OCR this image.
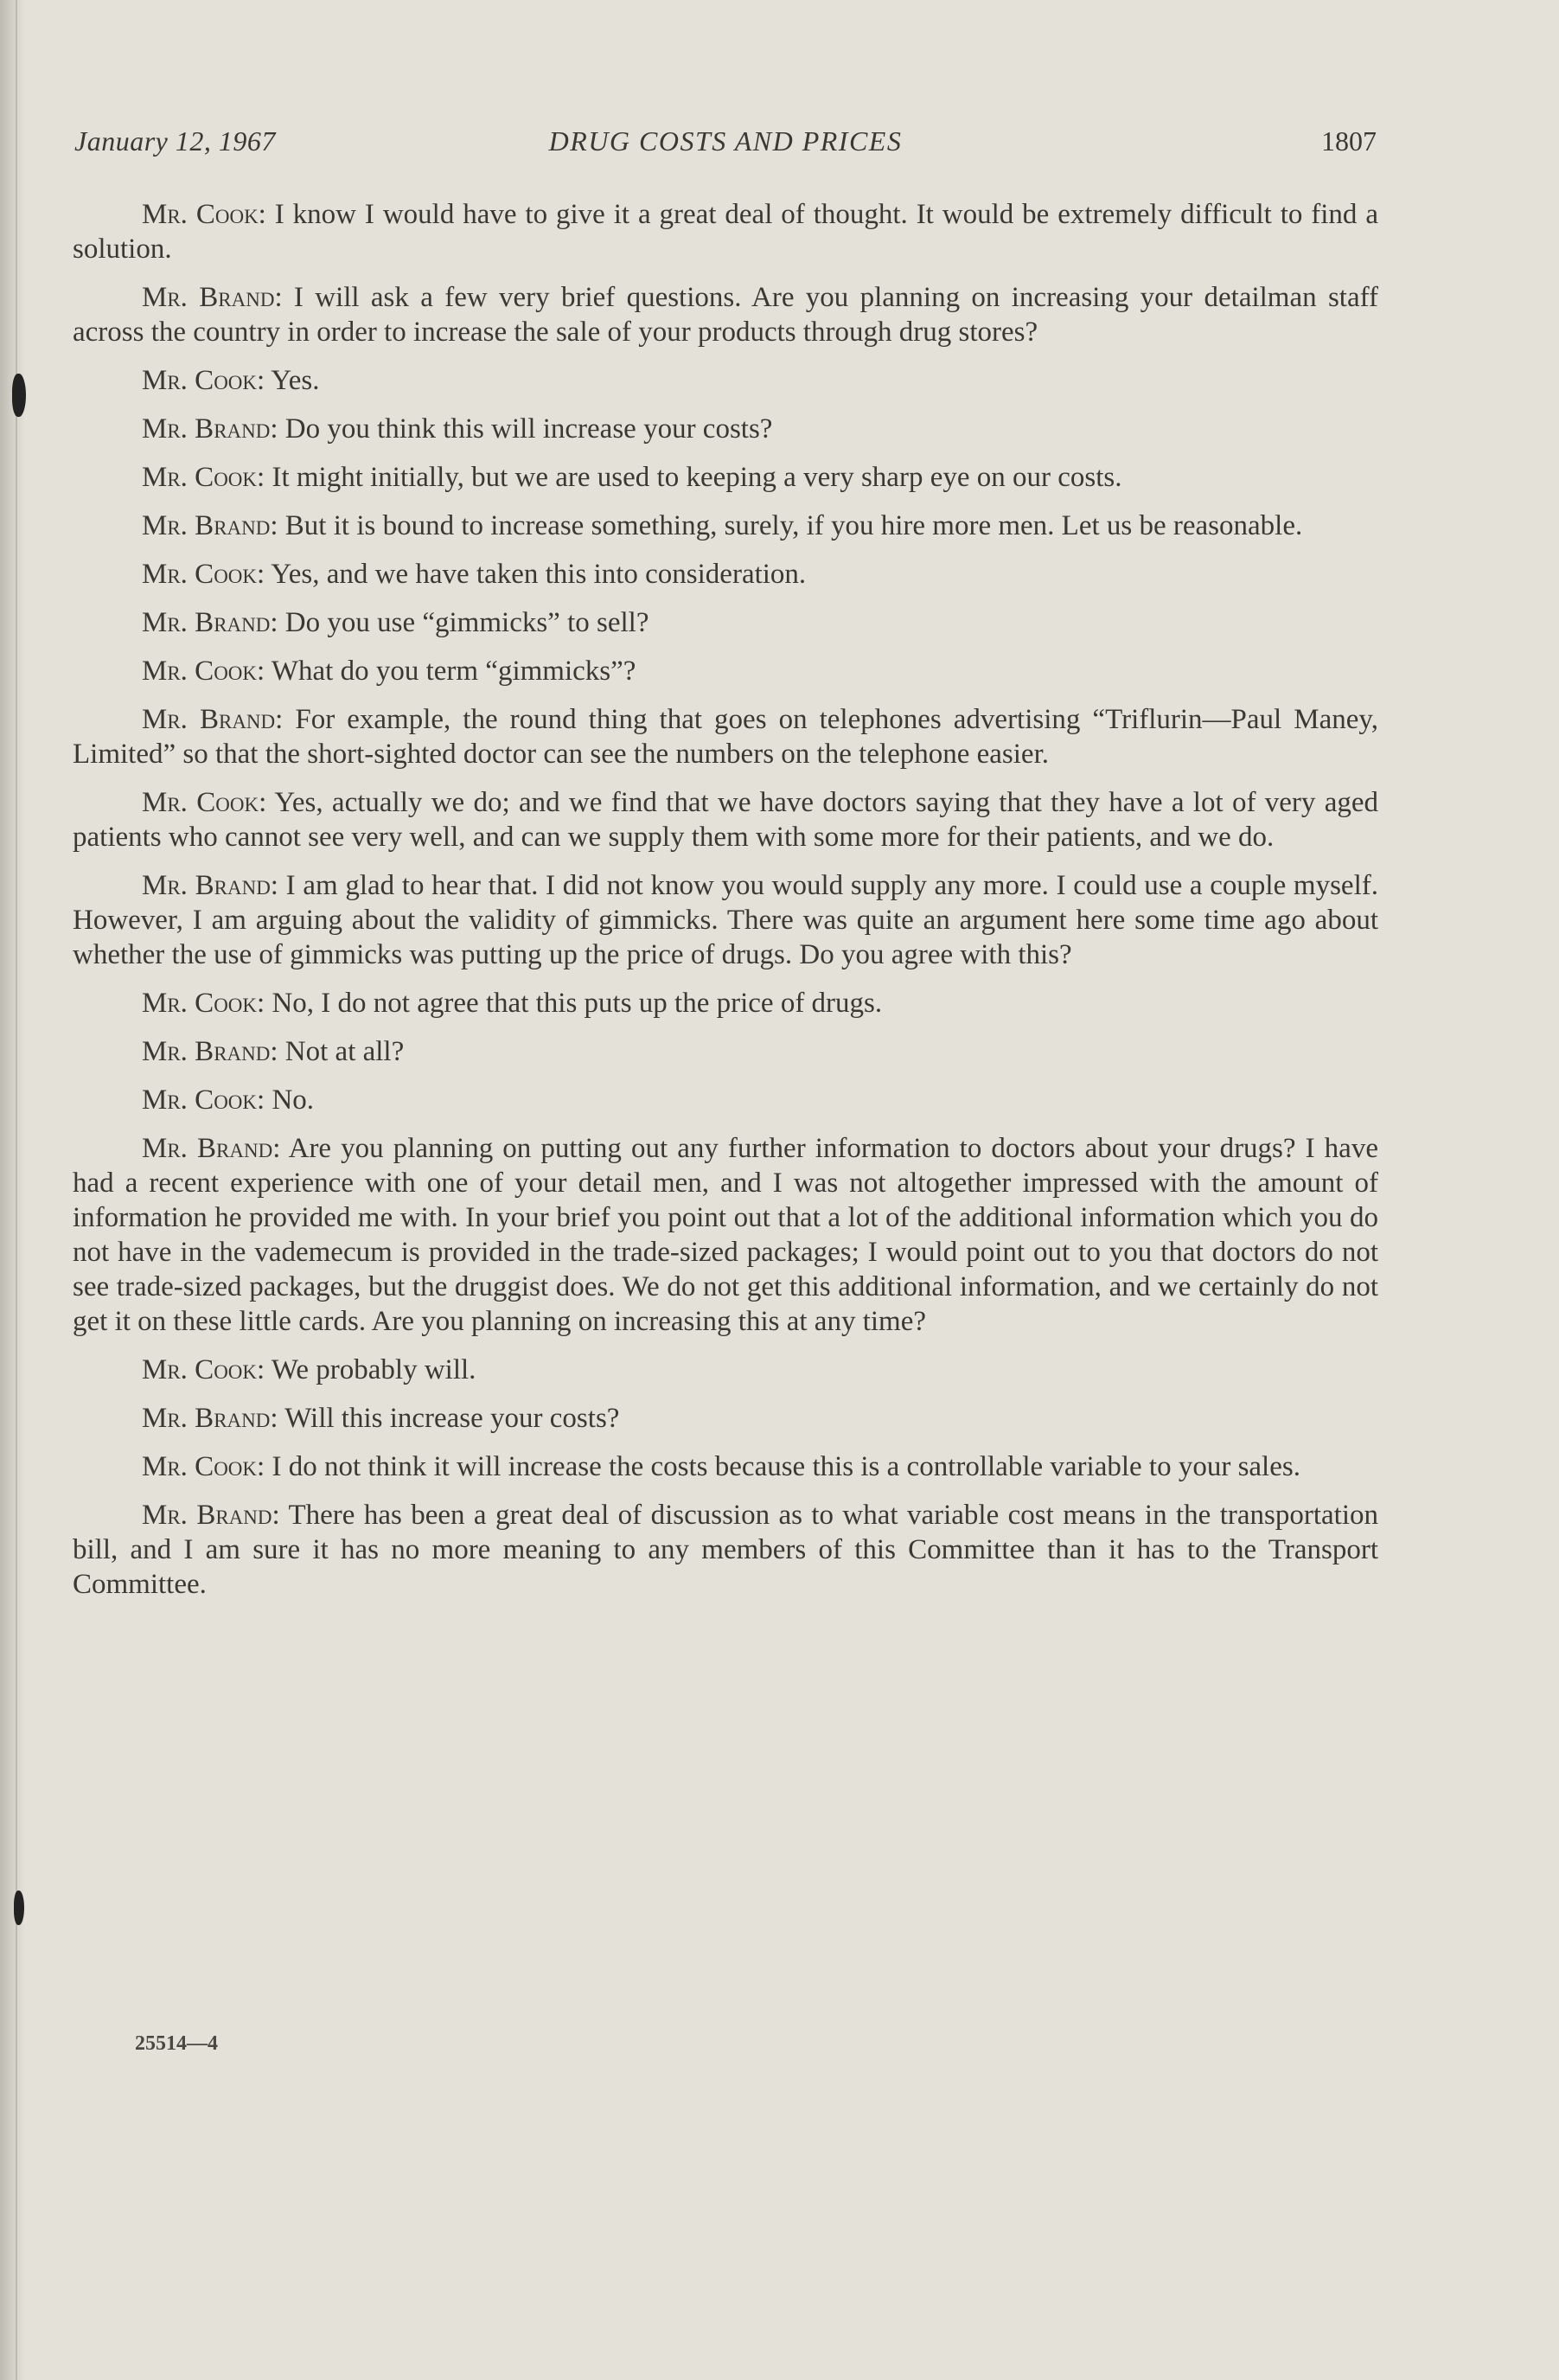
January 12, 1967	DRUG COSTS AND PRICES	1807

Mr. Cook: I know I would have to give it a great deal of thought. It would be extremely difficult to find a solution.

Mr. Brand: I will ask a few very brief questions. Are you planning on increasing your detailman staff across the country in order to increase the sale of your products through drug stores?

Mr. Cook: Yes.

Mr. Brand: Do you think this will increase your costs?

Mr. Cook: It might initially, but we are used to keeping a very sharp eye on our costs.

Mr. Brand: But it is bound to increase something, surely, if you hire more men. Let us be reasonable.

Mr. Cook: Yes, and we have taken this into consideration.

Mr. Brand: Do you use “gimmicks” to sell?

Mr. Cook: What do you term “gimmicks”?

Mr. Brand: For example, the round thing that goes on telephones advertising “Triflurin—Paul Maney, Limited” so that the short-sighted doctor can see the numbers on the telephone easier.

Mr. Cook: Yes, actually we do; and we find that we have doctors saying that they have a lot of very aged patients who cannot see very well, and can we supply them with some more for their patients, and we do.

Mr. Brand: I am glad to hear that. I did not know you would supply any more. I could use a couple myself. However, I am arguing about the validity of gimmicks. There was quite an argument here some time ago about whether the use of gimmicks was putting up the price of drugs. Do you agree with this?

Mr. Cook: No, I do not agree that this puts up the price of drugs.

Mr. Brand: Not at all?

Mr. Cook: No.

Mr. Brand: Are you planning on putting out any further information to doctors about your drugs? I have had a recent experience with one of your detail men, and I was not altogether impressed with the amount of information he provided me with. In your brief you point out that a lot of the additional information which you do not have in the vademecum is provided in the trade-sized packages; I would point out to you that doctors do not see trade-sized packages, but the druggist does. We do not get this additional information, and we certainly do not get it on these little cards. Are you planning on increasing this at any time?

Mr. Cook: We probably will.

Mr. Brand: Will this increase your costs?

Mr. Cook: I do not think it will increase the costs because this is a controllable variable to your sales.

Mr. Brand: There has been a great deal of discussion as to what variable cost means in the transportation bill, and I am sure it has no more meaning to any members of this Committee than it has to the Transport Committee.

25514—4
